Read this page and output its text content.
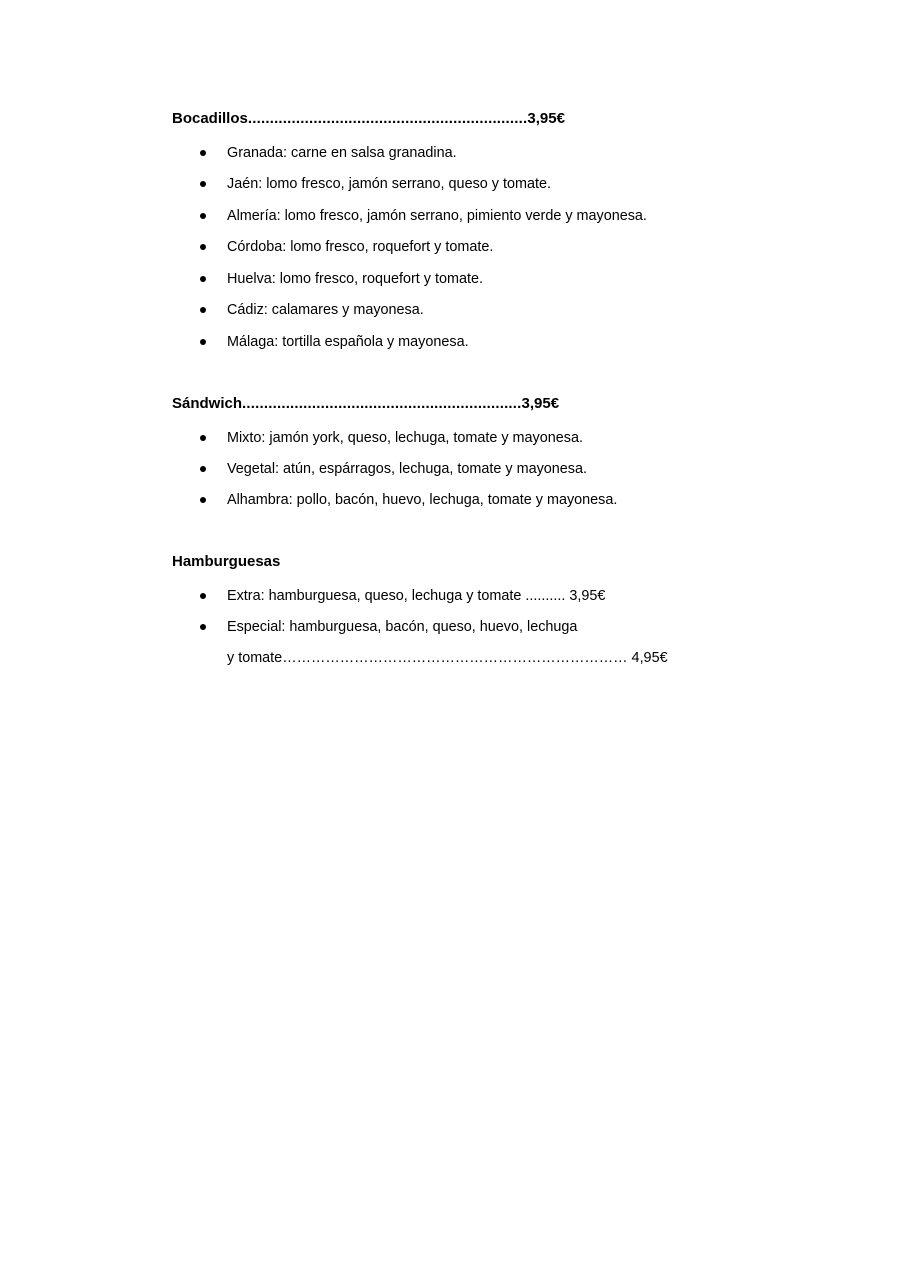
Bocadillos................................................................3,95€
Granada: carne en salsa granadina.
Jaén: lomo fresco, jamón serrano, queso y tomate.
Almería: lomo fresco, jamón serrano, pimiento verde y mayonesa.
Córdoba: lomo fresco, roquefort y tomate.
Huelva: lomo fresco, roquefort y tomate.
Cádiz: calamares y mayonesa.
Málaga: tortilla española y mayonesa.
Sándwich................................................................3,95€
Mixto: jamón york, queso, lechuga, tomate y mayonesa.
Vegetal: atún, espárragos, lechuga, tomate y mayonesa.
Alhambra: pollo, bacón, huevo, lechuga, tomate y mayonesa.
Hamburguesas
Extra: hamburguesa, queso, lechuga y tomate .......... 3,95€
Especial: hamburguesa, bacón, queso, huevo, lechuga
y tomate……………………………………………………………… 4,95€
